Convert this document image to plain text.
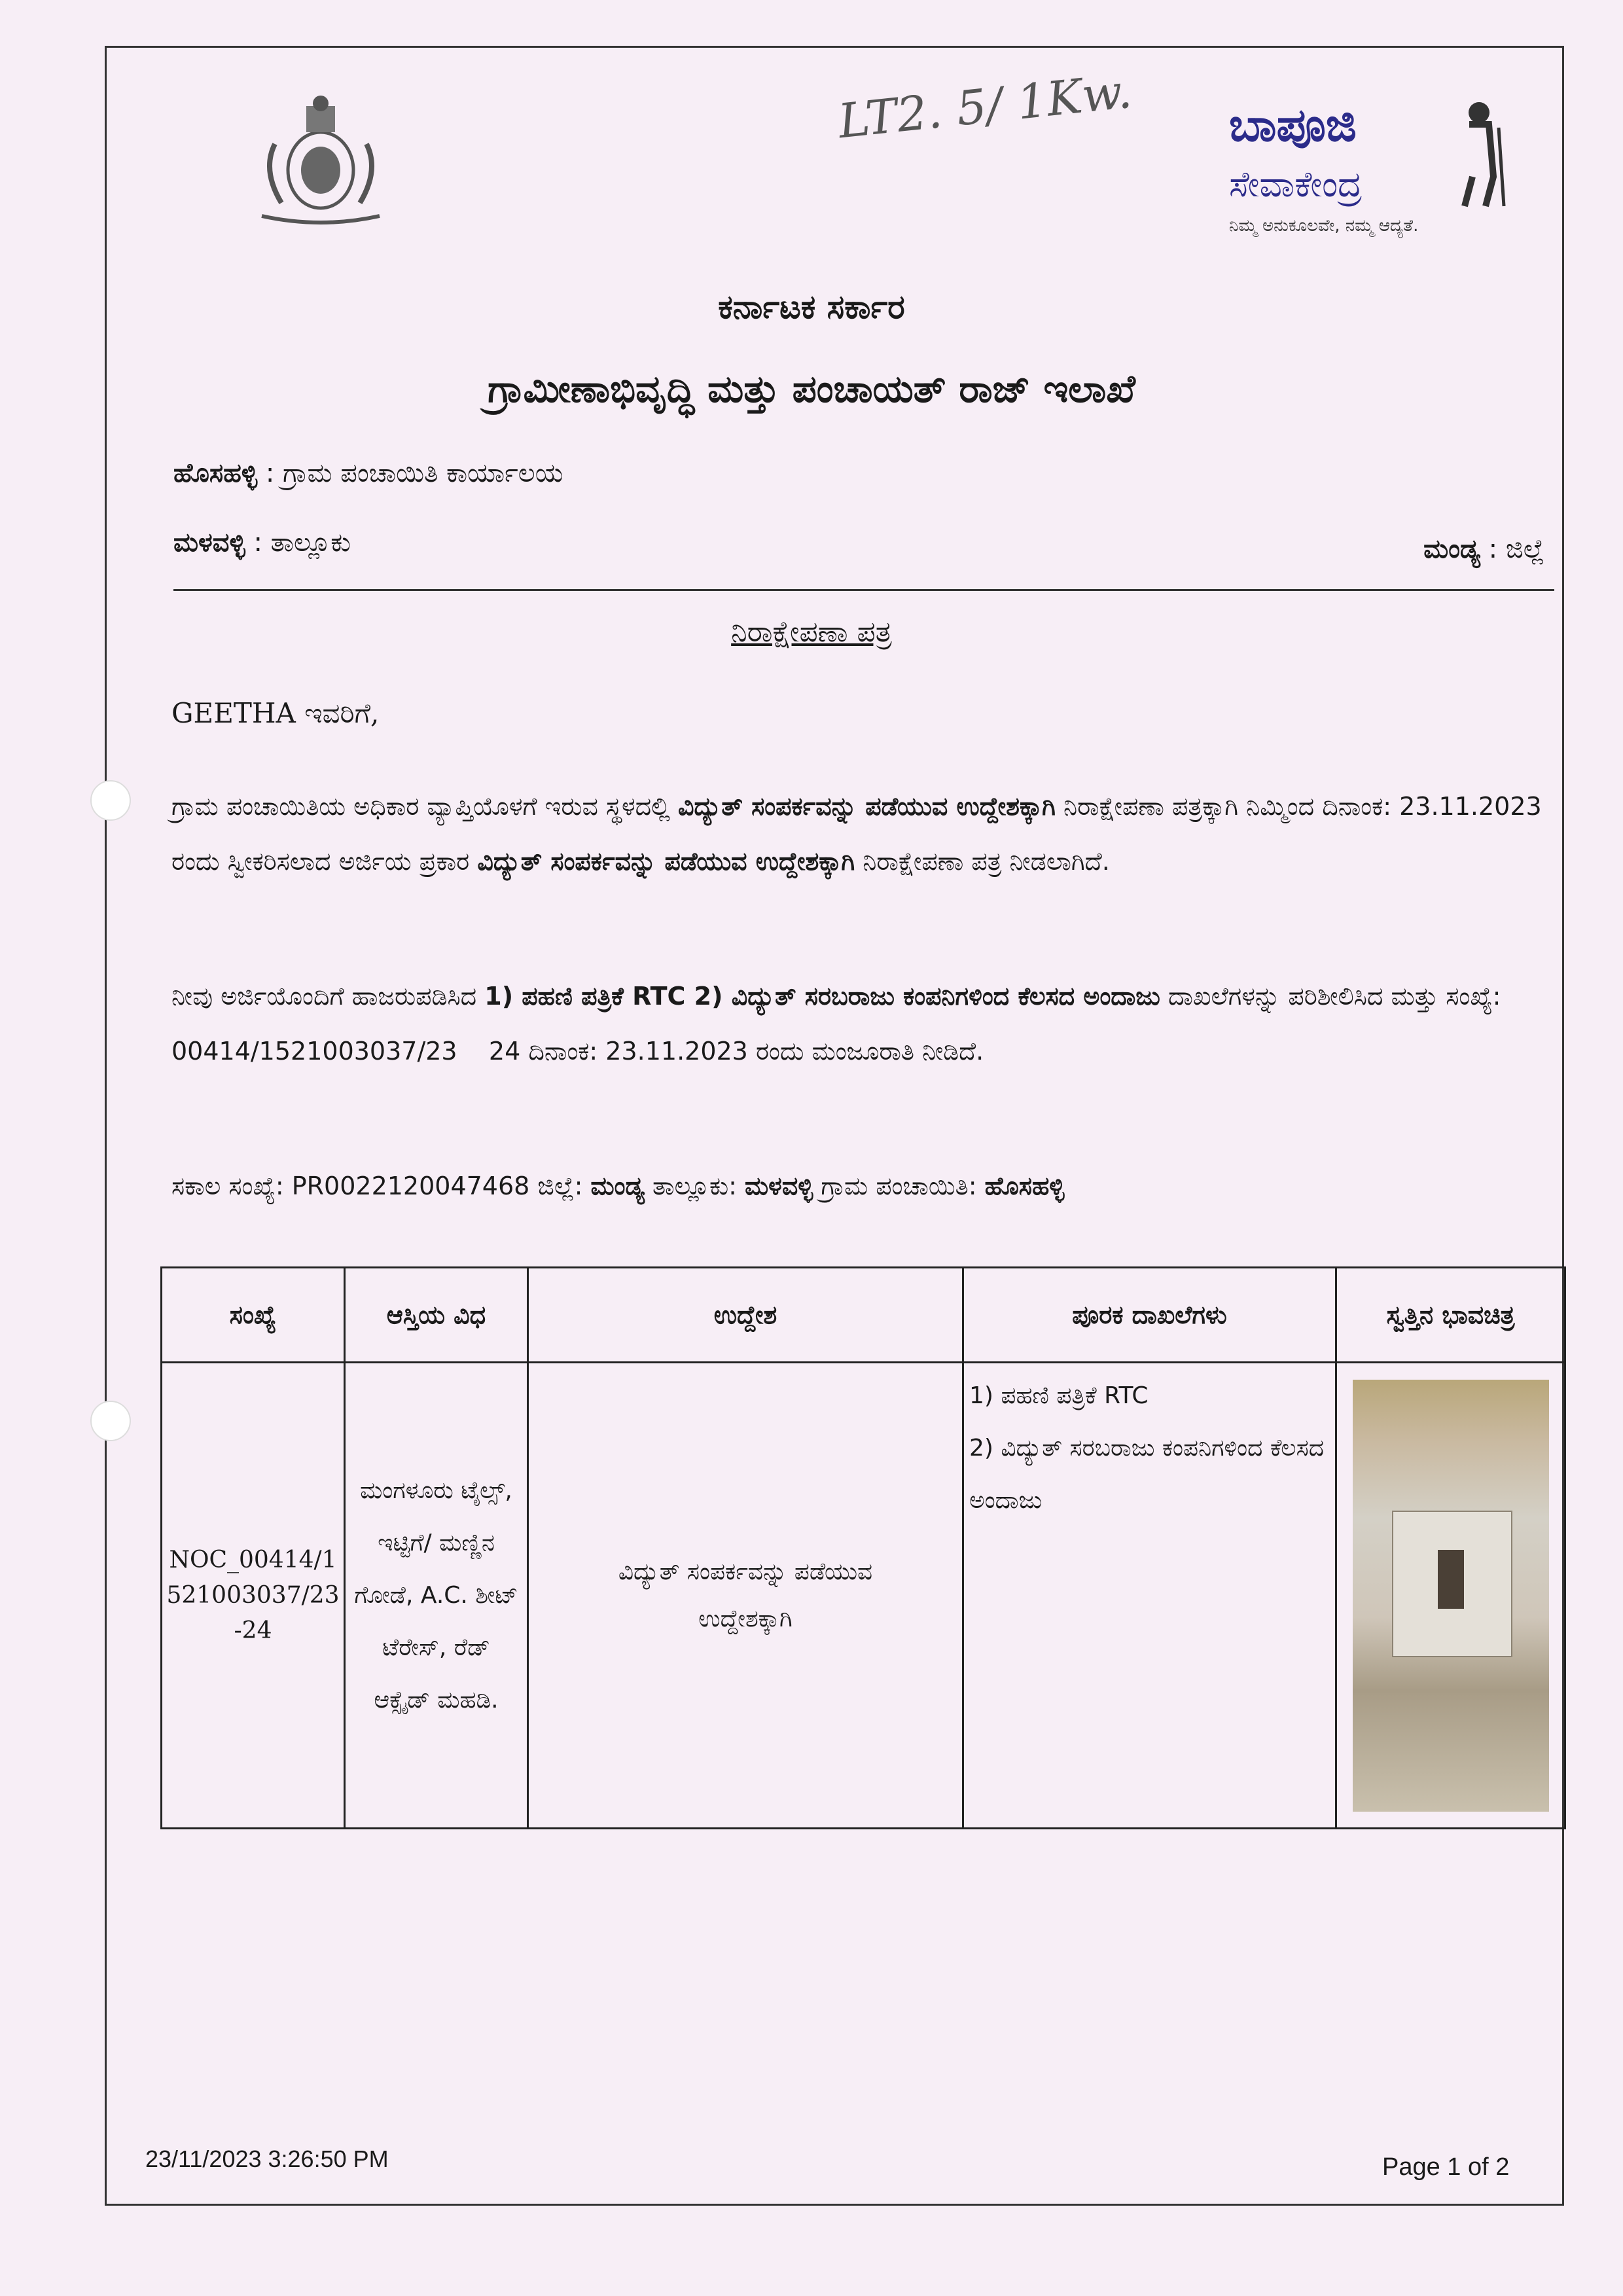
LT2. 5/ 1Kw. ಬಾಪೂಜಿ
ಸೇವಾಕೇಂದ್ರ
ನಿಮ್ಮ ಅನುಕೂಲವೇ, ನಮ್ಮ ಆದ್ಯತೆ.
ಕರ್ನಾಟಕ ಸರ್ಕಾರ
ಗ್ರಾಮೀಣಾಭಿವೃದ್ಧಿ ಮತ್ತು ಪಂಚಾಯತ್ ರಾಜ್ ಇಲಾಖೆ
ಹೊಸಹಳ್ಳಿ : ಗ್ರಾಮ ಪಂಚಾಯಿತಿ ಕಾರ್ಯಾಲಯ
ಮಳವಳ್ಳಿ : ತಾಲ್ಲೂಕು	ಮಂಡ್ಯ : ಜಿಲ್ಲೆ
ನಿರಾಕ್ಷೇಪಣಾ ಪತ್ರ
GEETHA ಇವರಿಗೆ,
ಗ್ರಾಮ ಪಂಚಾಯಿತಿಯ ಅಧಿಕಾರ ವ್ಯಾಪ್ತಿಯೊಳಗೆ ಇರುವ ಸ್ಥಳದಲ್ಲಿ ವಿದ್ಯುತ್ ಸಂಪರ್ಕವನ್ನು ಪಡೆಯುವ ಉದ್ದೇಶಕ್ಕಾಗಿ ನಿರಾಕ್ಷೇಪಣಾ ಪತ್ರಕ್ಕಾಗಿ ನಿಮ್ಮಿಂದ ದಿನಾಂಕ: 23.11.2023 ರಂದು ಸ್ವೀಕರಿಸಲಾದ ಅರ್ಜಿಯ ಪ್ರಕಾರ ವಿದ್ಯುತ್ ಸಂಪರ್ಕವನ್ನು ಪಡೆಯುವ ಉದ್ದೇಶಕ್ಕಾಗಿ ನಿರಾಕ್ಷೇಪಣಾ ಪತ್ರ ನೀಡಲಾಗಿದೆ.
ನೀವು ಅರ್ಜಿಯೊಂದಿಗೆ ಹಾಜರುಪಡಿಸಿದ 1) ಪಹಣಿ ಪತ್ರಿಕೆ RTC 2) ವಿದ್ಯುತ್ ಸರಬರಾಜು ಕಂಪನಿಗಳಿಂದ ಕೆಲಸದ ಅಂದಾಜು ದಾಖಲೆಗಳನ್ನು ಪರಿಶೀಲಿಸಿದ ಮತ್ತು ಸಂಖ್ಯೆ: 00414/1521003037/23    24 ದಿನಾಂಕ: 23.11.2023 ರಂದು ಮಂಜೂರಾತಿ ನೀಡಿದೆ.
ಸಕಾಲ ಸಂಖ್ಯೆ: PR0022120047468 ಜಿಲ್ಲೆ: ಮಂಡ್ಯ ತಾಲ್ಲೂಕು: ಮಳವಳ್ಳಿ ಗ್ರಾಮ ಪಂಚಾಯಿತಿ: ಹೊಸಹಳ್ಳಿ
ಸಂಖ್ಯೆ	ಆಸ್ತಿಯ ವಿಧ	ಉದ್ದೇಶ	ಪೂರಕ ದಾಖಲೆಗಳು	ಸ್ವತ್ತಿನ ಭಾವಚಿತ್ರ
NOC_00414/1521003037/23-24	ಮಂಗಳೂರು ಟೈಲ್ಸ್, ಇಟ್ಟಿಗೆ/ ಮಣ್ಣಿನ ಗೋಡೆ, A.C. ಶೀಟ್ ಟೆರೇಸ್, ರೆಡ್ ಆಕ್ಸೈಡ್ ಮಹಡಿ.	ವಿದ್ಯುತ್ ಸಂಪರ್ಕವನ್ನು ಪಡೆಯುವ ಉದ್ದೇಶಕ್ಕಾಗಿ	1) ಪಹಣಿ ಪತ್ರಿಕೆ RTC
2) ವಿದ್ಯುತ್ ಸರಬರಾಜು ಕಂಪನಿಗಳಿಂದ ಕೆಲಸದ ಅಂದಾಜು	

23/11/2023 3:26:50 PM	Page 1 of 2
